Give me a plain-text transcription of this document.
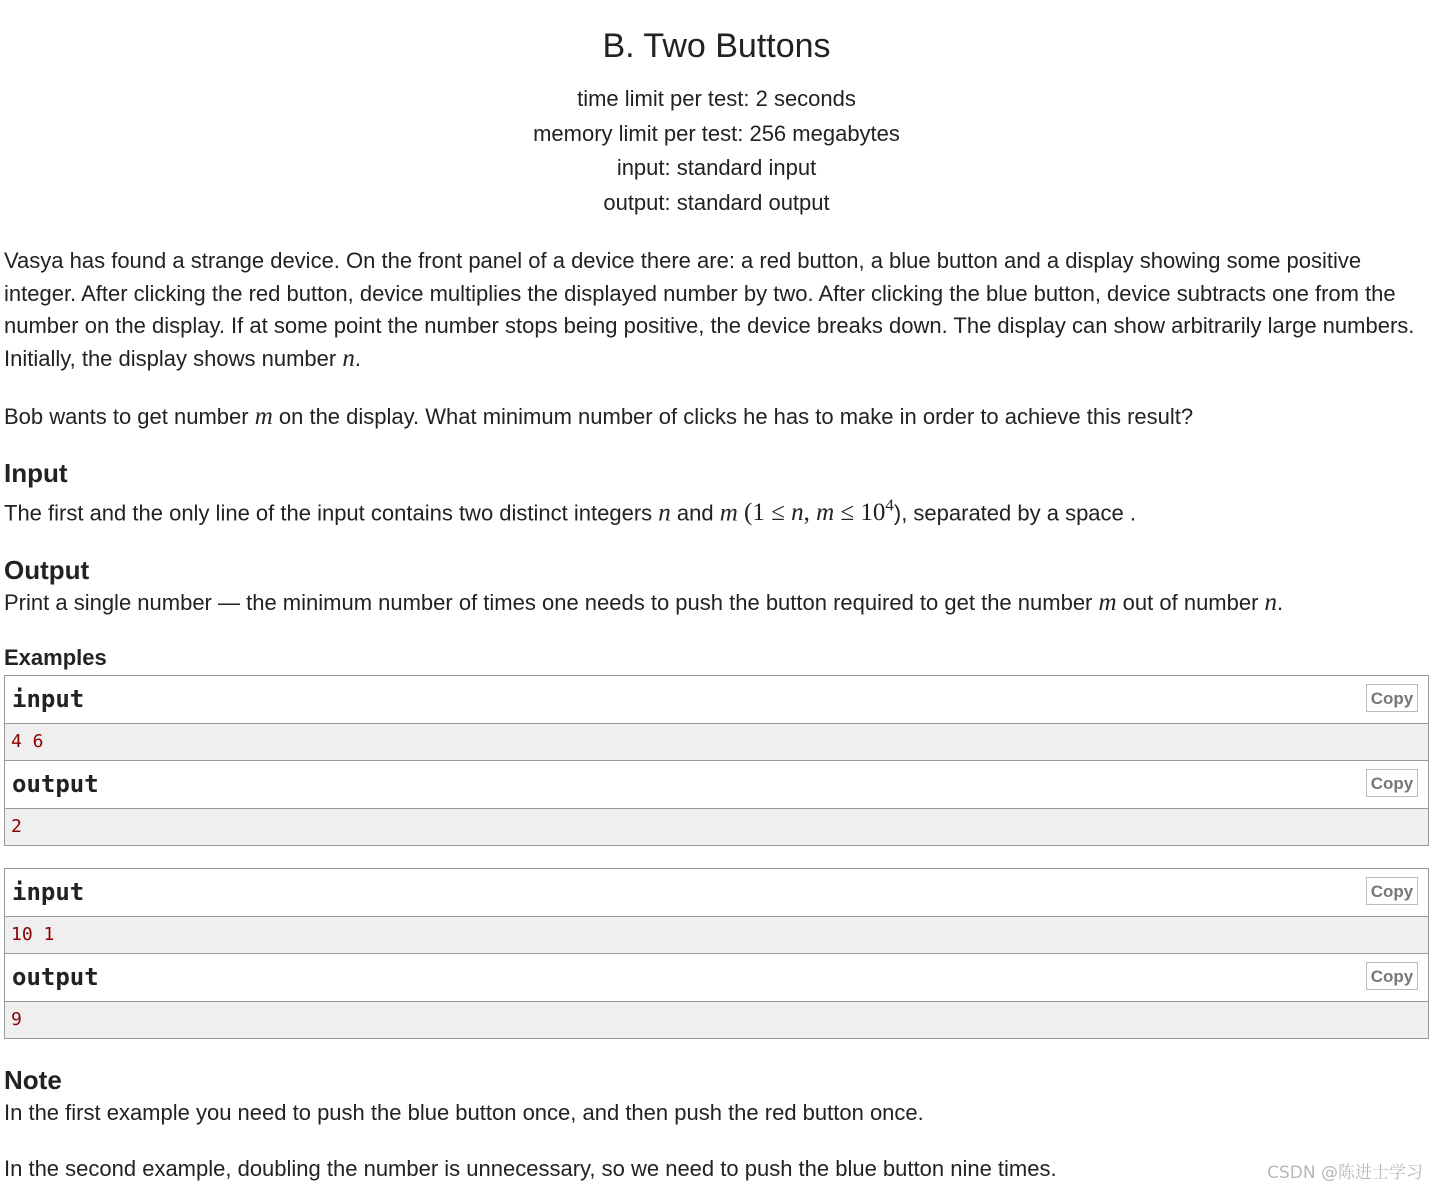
B. Two Buttons
time limit per test: 2 seconds
memory limit per test: 256 megabytes
input: standard input
output: standard output

Vasya has found a strange device. On the front panel of a device there are: a red button, a blue button and a display showing some positive integer. After clicking the red button, device multiplies the displayed number by two. After clicking the blue button, device subtracts one from the number on the display. If at some point the number stops being positive, the device breaks down. The display can show arbitrarily large numbers. Initially, the display shows number n.

Bob wants to get number m on the display. What minimum number of clicks he has to make in order to achieve this result?

Input

The first and the only line of the input contains two distinct integers n and m (1 ≤ n, $m \le 10^4$), separated by a space .

Output

Print a single number — the minimum number of times one needs to push the button required to get the number m out of number n.

Examples
input	Copy
4 6
output	Copy
2
input	Copy
10 1
output	Copy
9
Note

In the first example you need to push the blue button once, and then push the red button once.

In the second example, doubling the number is unnecessary, so we need to push the blue button nine times.	CSDN @陈进士学习
